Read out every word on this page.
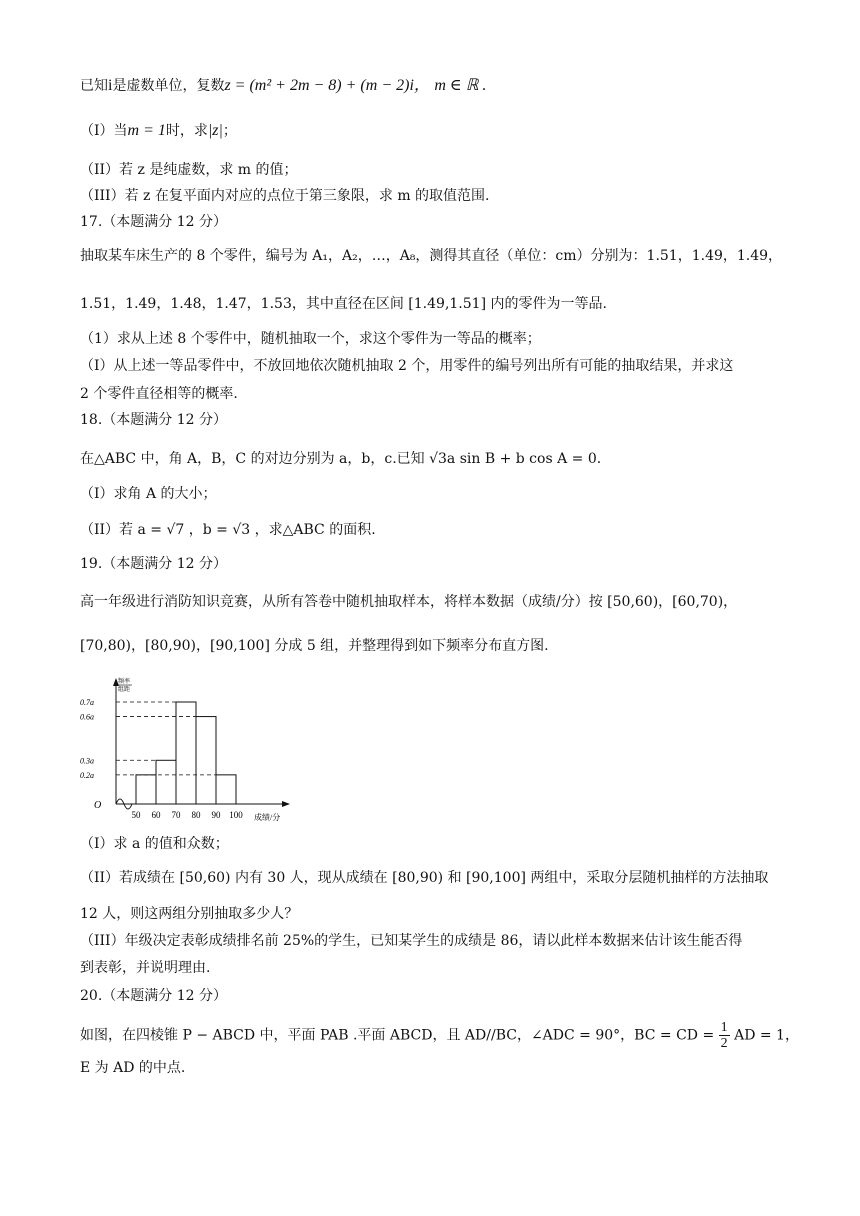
已知i是虚数单位，复数z = (m² + 2m − 8) + (m − 2)i， m ∈ ℝ .
（I）当m = 1时，求|z|；
（II）若 z 是纯虚数，求 m 的值；
（III）若 z 在复平面内对应的点位于第三象限，求 m 的取值范围.
17.（本题满分 12 分）
抽取某车床生产的 8 个零件，编号为 A₁，A₂，…，A₈，测得其直径（单位：cm）分别为：1.51，1.49，1.49，
1.51，1.49，1.48，1.47，1.53，其中直径在区间 [1.49,1.51] 内的零件为一等品.
（1）求从上述 8 个零件中，随机抽取一个，求这个零件为一等品的概率；
（I）从上述一等品零件中，不放回地依次随机抽取 2 个，用零件的编号列出所有可能的抽取结果，并求这
2 个零件直径相等的概率.
18.（本题满分 12 分）
在△ABC 中，角 A，B，C 的对边分别为 a，b，c.已知 √3a sin B + b cos A = 0.
（I）求角 A 的大小；
（II）若 a = √7 ，b = √3 ，求△ABC 的面积.
19.（本题满分 12 分）
高一年级进行消防知识竞赛，从所有答卷中随机抽取样本，将样本数据（成绩/分）按 [50,60)，[60,70)，
[70,80)，[80,90)，[90,100] 分成 5 组，并整理得到如下频率分布直方图.
O
频率
组距
0.7a
0.6a
0.3a
0.2a
50 60 70 80 90 100 成绩/分
（I）求 a 的值和众数；
（II）若成绩在 [50,60) 内有 30 人，现从成绩在 [80,90) 和 [90,100] 两组中，采取分层随机抽样的方法抽取
12 人，则这两组分别抽取多少人？
（III）年级决定表彰成绩排名前 25%的学生，已知某学生的成绩是 86，请以此样本数据来估计该生能否得
到表彰，并说明理由.
20.（本题满分 12 分）
如图，在四棱锥 P − ABCD 中，平面 PAB .平面 ABCD，且 AD//BC，∠ADC = 90°，BC = CD = $\frac{1}{2}$ AD = 1，
E 为 AD 的中点.
